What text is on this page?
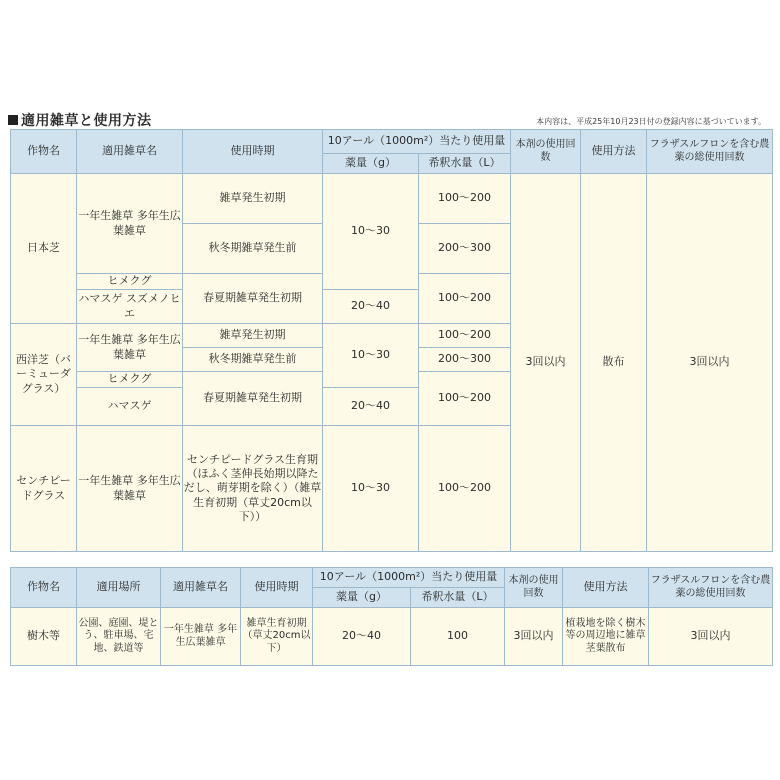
適用雑草と使用方法	本内容は、平成25年10月23日付の登録内容に基づいています。
作物名	適用雑草名	使用時期	10アール（1000m²）当たり使用量		本剤の使用回数	使用方法	フラザスルフロンを含む農薬の総使用回数
			薬量（g）	希釈水量（L）			
日本芝	一年生雑草 多年生広葉雑草	雑草発生初期	10〜30	100〜200	3回以内	散布	3回以内
		秋冬期雑草発生前		200〜300			
	ヒメクグ	春夏期雑草発生初期		100〜200			
	ハマスゲ スズメノヒエ		20〜40				

西洋芝（バーミューダグラス）	一年生雑草 多年生広葉雑草	雑草発生初期	10〜30	100〜200			
		秋冬期雑草発生前		200〜300			
	ヒメクグ	春夏期雑草発生初期		100〜200			
	ハマスゲ		20〜40				

センチピードグラス	一年生雑草 多年生広葉雑草	センチピードグラス生育期（ほふく茎伸長始期以降ただし、萌芽期を除く）（雑草生育初期（草丈20cm以下））	10〜30	100〜200			
作物名	適用場所	適用雑草名	使用時期	10アール（1000m²）当たり使用量		本剤の使用回数	使用方法	フラザスルフロンを含む農薬の総使用回数
				薬量（g）	希釈水量（L）			
樹木等	公園、庭園、堤とう、駐車場、宅地、鉄道等	一年生雑草 多年生広葉雑草	雑草生育初期（草丈20cm以下）	20〜40	100	3回以内	植栽地を除く樹木等の周辺地に雑草茎葉散布	3回以内
